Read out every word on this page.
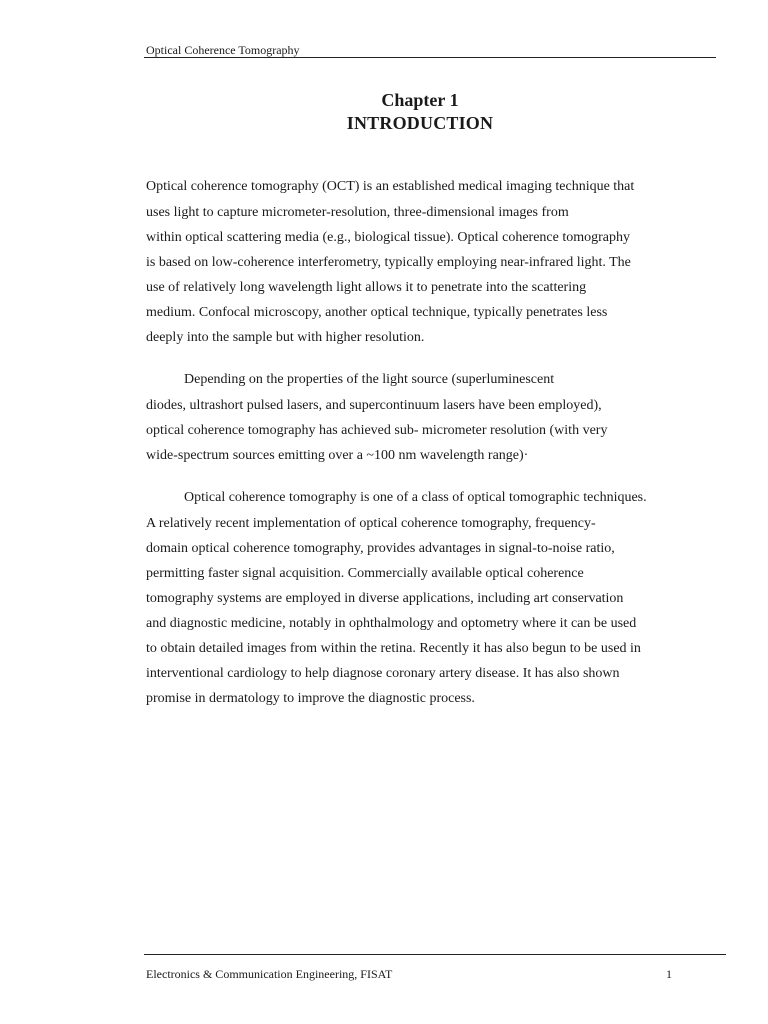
Optical Coherence Tomography
Chapter 1
INTRODUCTION
Optical coherence tomography (OCT) is an established medical imaging technique that
uses light to capture micrometer-resolution, three-dimensional images from
within optical scattering media (e.g., biological tissue). Optical coherence tomography
is based on low-coherence interferometry, typically employing near-infrared light. The
use of relatively long wavelength light allows it to penetrate into the scattering
medium. Confocal microscopy, another optical technique, typically penetrates less
deeply into the sample but with higher resolution.
Depending on the properties of the light source (superluminescent
diodes, ultrashort pulsed lasers, and supercontinuum lasers have been employed),
optical coherence tomography has achieved sub- micrometer resolution (with very
wide-spectrum sources emitting over a ~100 nm wavelength range)·
Optical coherence tomography is one of a class of optical tomographic techniques.
A relatively recent implementation of optical coherence tomography, frequency-
domain optical coherence tomography, provides advantages in signal-to-noise ratio,
permitting faster signal acquisition. Commercially available optical coherence
tomography systems are employed in diverse applications, including art conservation
and diagnostic medicine, notably in ophthalmology and optometry where it can be used
to obtain detailed images from within the retina. Recently it has also begun to be used in
interventional cardiology to help diagnose coronary artery disease. It has also shown
promise in dermatology to improve the diagnostic process.
Electronics & Communication Engineering, FISAT	1
